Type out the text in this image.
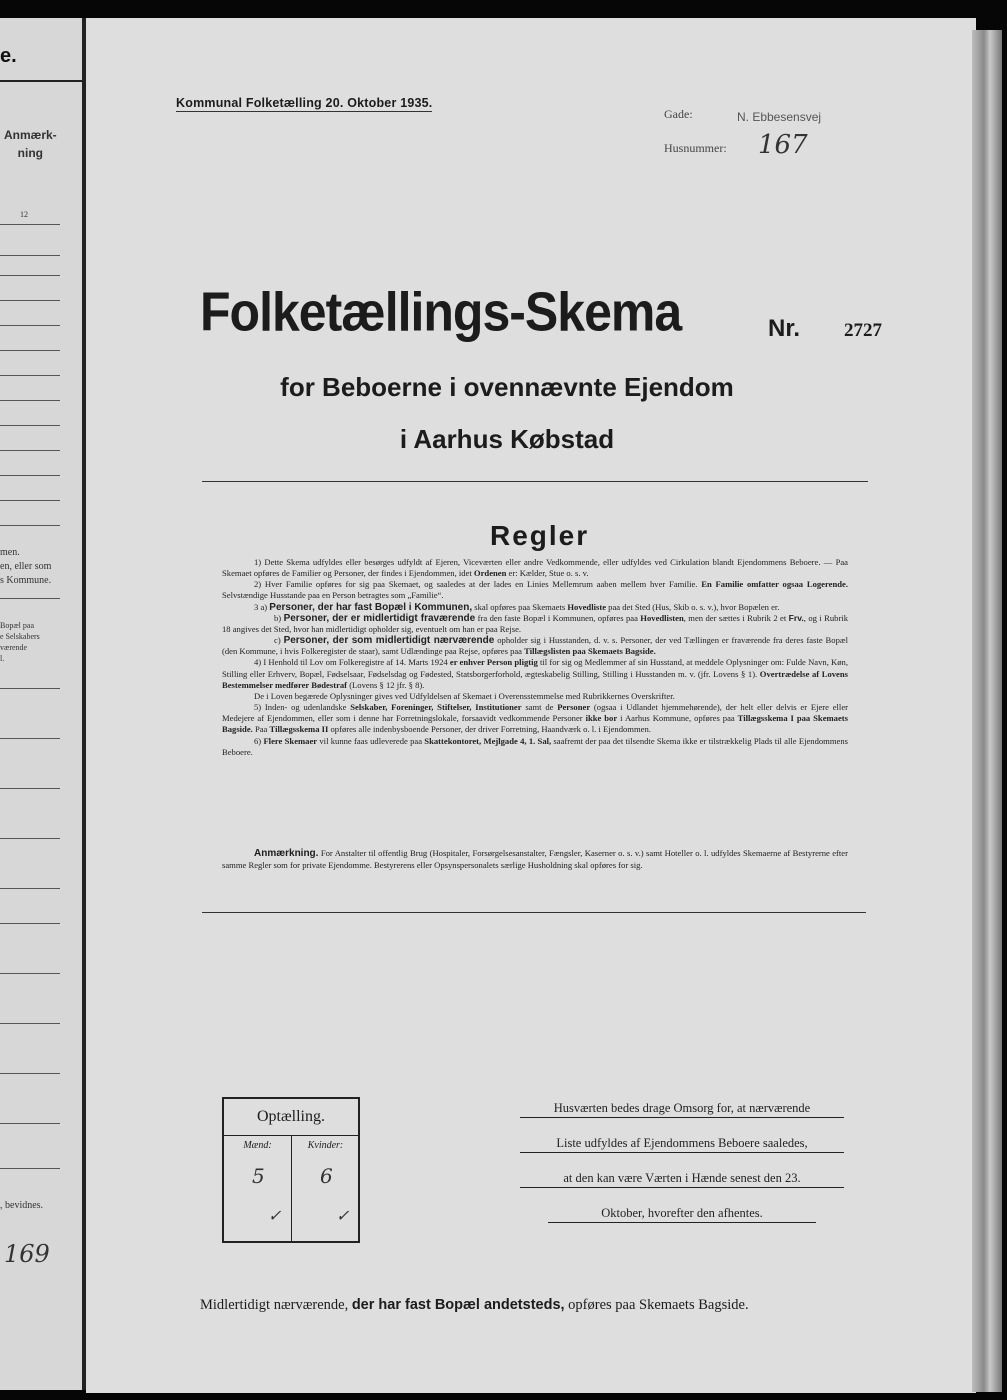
e.
Anmærk-
ning
12
men.
en, eller som
s Kommune.
Bopæl paa
e Selskabers
værende
l.
, bevidnes.
169
Kommunal Folketælling 20. Oktober 1935.
Gade:	N. Ebbesensvej
Husnummer: 167
Folketællings-Skema	Nr. 2727
for Beboerne i ovennævnte Ejendom
i Aarhus Købstad
Regler

1) Dette Skema udfyldes eller besørges udfyldt af Ejeren, Viceværten eller andre Vedkommende, eller udfyldes ved Cirkulation blandt Ejendommens Beboere. — Paa Skemaet opføres de Familier og Personer, der findes i Ejendommen, idet Ordenen er: Kælder, Stue o. s. v.

2) Hver Familie opføres for sig paa Skemaet, og saaledes at der lades en Linies Mellemrum aaben mellem hver Familie. En Familie omfatter ogsaa Logerende. Selvstændige Husstande paa en Person betragtes som „Familie“.

3 a) Personer, der har fast Bopæl i Kommunen, skal opføres paa Skemaets Hovedliste paa det Sted (Hus, Skib o. s. v.), hvor Bopælen er.

b) Personer, der er midlertidigt fraværende fra den faste Bopæl i Kommunen, opføres paa Hovedlisten, men der sættes i Rubrik 2 et Frv., og i Rubrik 18 angives det Sted, hvor han midlertidigt opholder sig, eventuelt om han er paa Rejse.

c) Personer, der som midlertidigt nærværende opholder sig i Husstanden, d. v. s. Personer, der ved Tællingen er fraværende fra deres faste Bopæl (den Kommune, i hvis Folkeregister de staar), samt Udlændinge paa Rejse, opføres paa Tillægslisten paa Skemaets Bagside.

4) I Henhold til Lov om Folkeregistre af 14. Marts 1924 er enhver Person pligtig til for sig og Medlemmer af sin Husstand, at meddele Oplysninger om: Fulde Navn, Køn, Stilling eller Erhverv, Bopæl, Fødselsaar, Fødselsdag og Fødested, Statsborgerforhold, ægteskabelig Stilling, Stilling i Husstanden m. v. (jfr. Lovens § 1). Overtrædelse af Lovens Bestemmelser medfører Bødestraf (Lovens § 12 jfr. § 8).

De i Loven begærede Oplysninger gives ved Udfyldelsen af Skemaet i Overensstemmelse med Rubrikkernes Overskrifter.

5) Inden- og udenlandske Selskaber, Foreninger, Stiftelser, Institutioner samt de Personer (ogsaa i Udlandet hjemmehørende), der helt eller delvis er Ejere eller Medejere af Ejendommen, eller som i denne har Forretningslokale, forsaavidt vedkommende Personer ikke bor i Aarhus Kommune, opføres paa Tillægsskema I paa Skemaets Bagside. Paa Tillægsskema II opføres alle indenbysboende Personer, der driver Forretning, Haandværk o. l. i Ejendommen.

6) Flere Skemaer vil kunne faas udleverede paa Skattekontoret, Mejlgade 4, 1. Sal, saafremt der paa det tilsendte Skema ikke er tilstrækkelig Plads til alle Ejendommens Beboere.

Anmærkning. For Anstalter til offentlig Brug (Hospitaler, Forsørgelsesanstalter, Fængsler, Kaserner o. s. v.) samt Hoteller o. l. udfyldes Skemaerne af Bestyrerne efter samme Regler som for private Ejendomme. Bestyrerens eller Opsynspersonalets særlige Husholdning skal opføres for sig.

Optælling.
Mænd:
5
✓
Kvinder:
6
✓
Husværten bedes drage Omsorg for, at nærværende
Liste udfyldes af Ejendommens Beboere saaledes,
at den kan være Værten i Hænde senest den 23.
Oktober, hvorefter den afhentes.
Midlertidigt nærværende, der har fast Bopæl andetsteds, opføres paa Skemaets Bagside.
